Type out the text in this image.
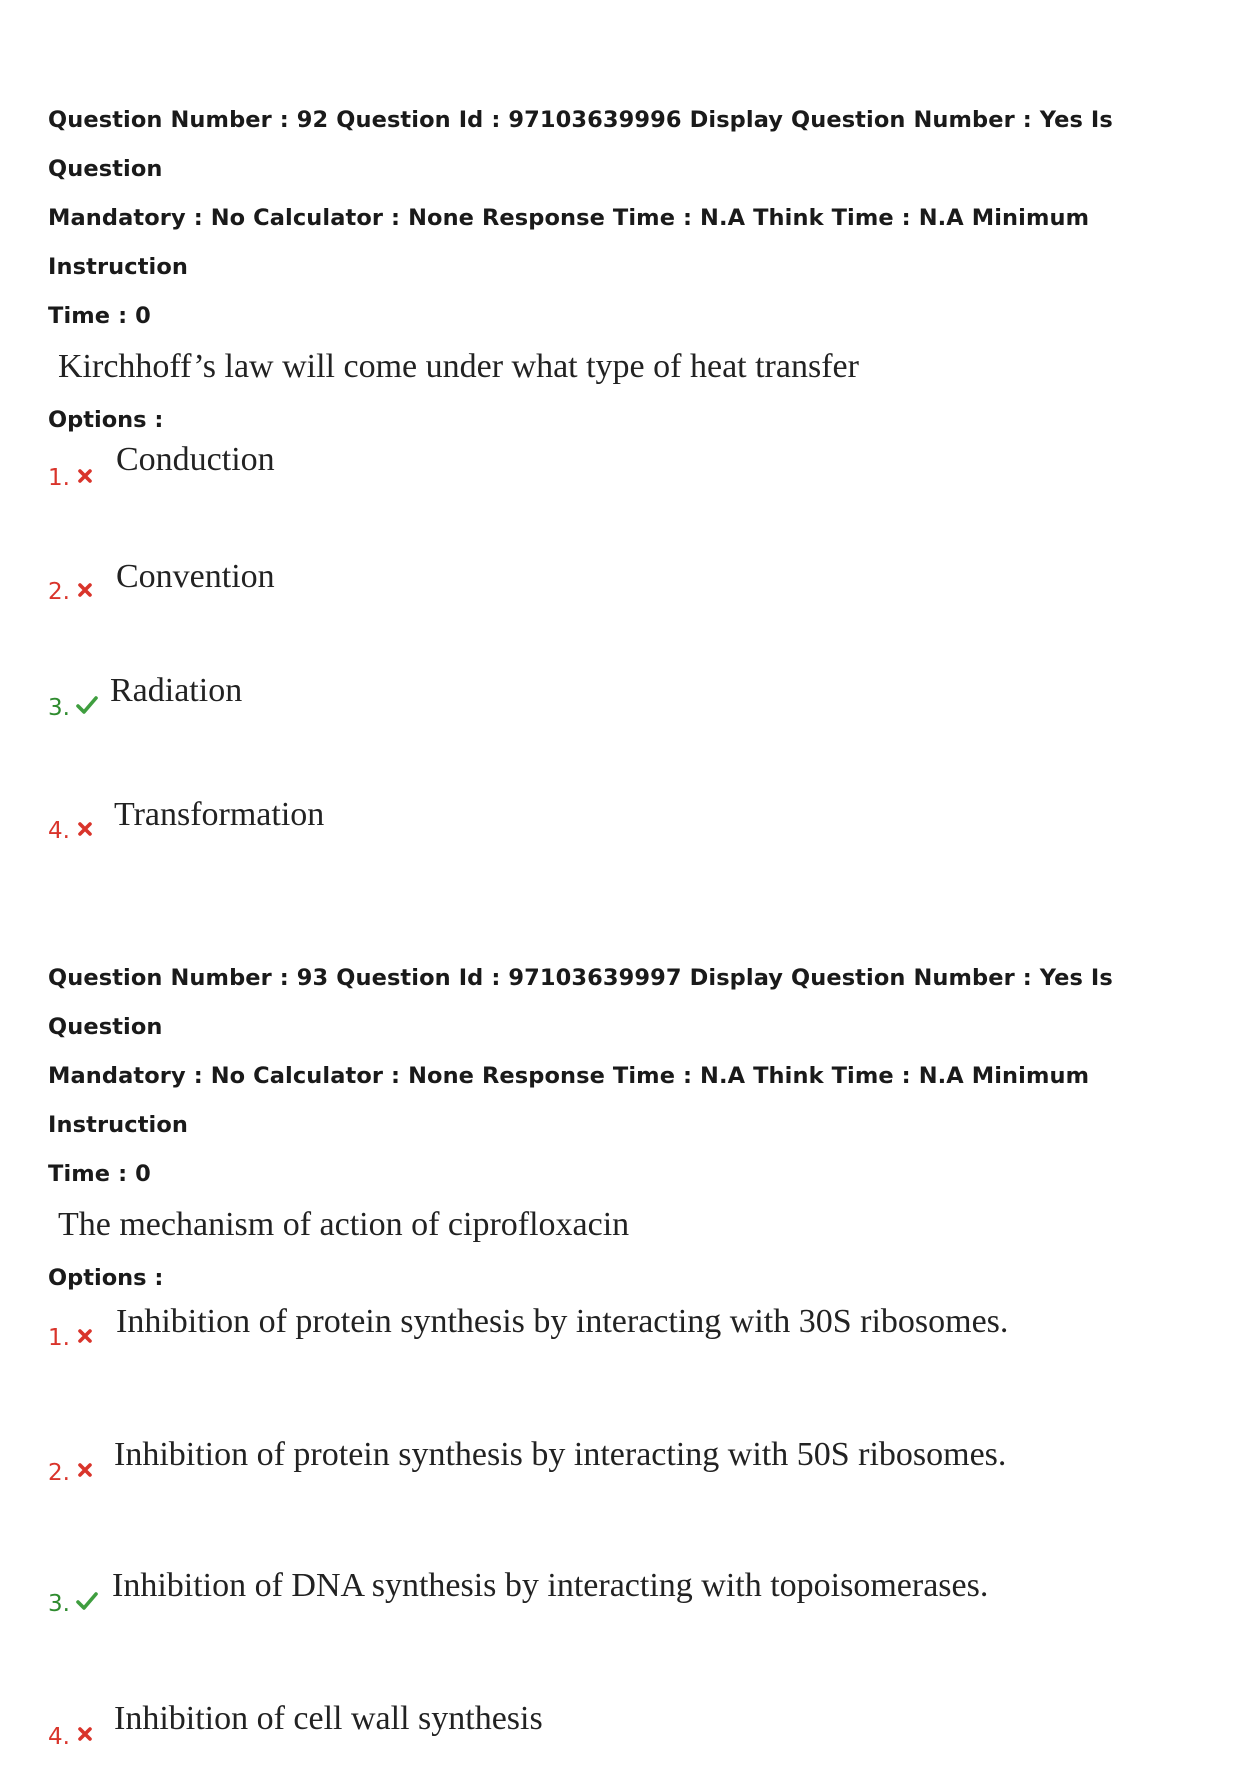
Question Number : 92 Question Id : 97103639996 Display Question Number : Yes Is Question

Mandatory : No Calculator : None Response Time : N.A Think Time : N.A Minimum Instruction

Time : 0

Kirchhoff’s law will come under what type of heat transfer
Options :
1. Conduction
2. Convention
3. Radiation
4. Transformation

Question Number : 93 Question Id : 97103639997 Display Question Number : Yes Is Question

Mandatory : No Calculator : None Response Time : N.A Think Time : N.A Minimum Instruction

Time : 0

The mechanism of action of ciprofloxacin
Options :
1. Inhibition of protein synthesis by interacting with 30S ribosomes.
2. Inhibition of protein synthesis by interacting with 50S ribosomes.
3. Inhibition of DNA synthesis by interacting with topoisomerases.
4. Inhibition of cell wall synthesis
